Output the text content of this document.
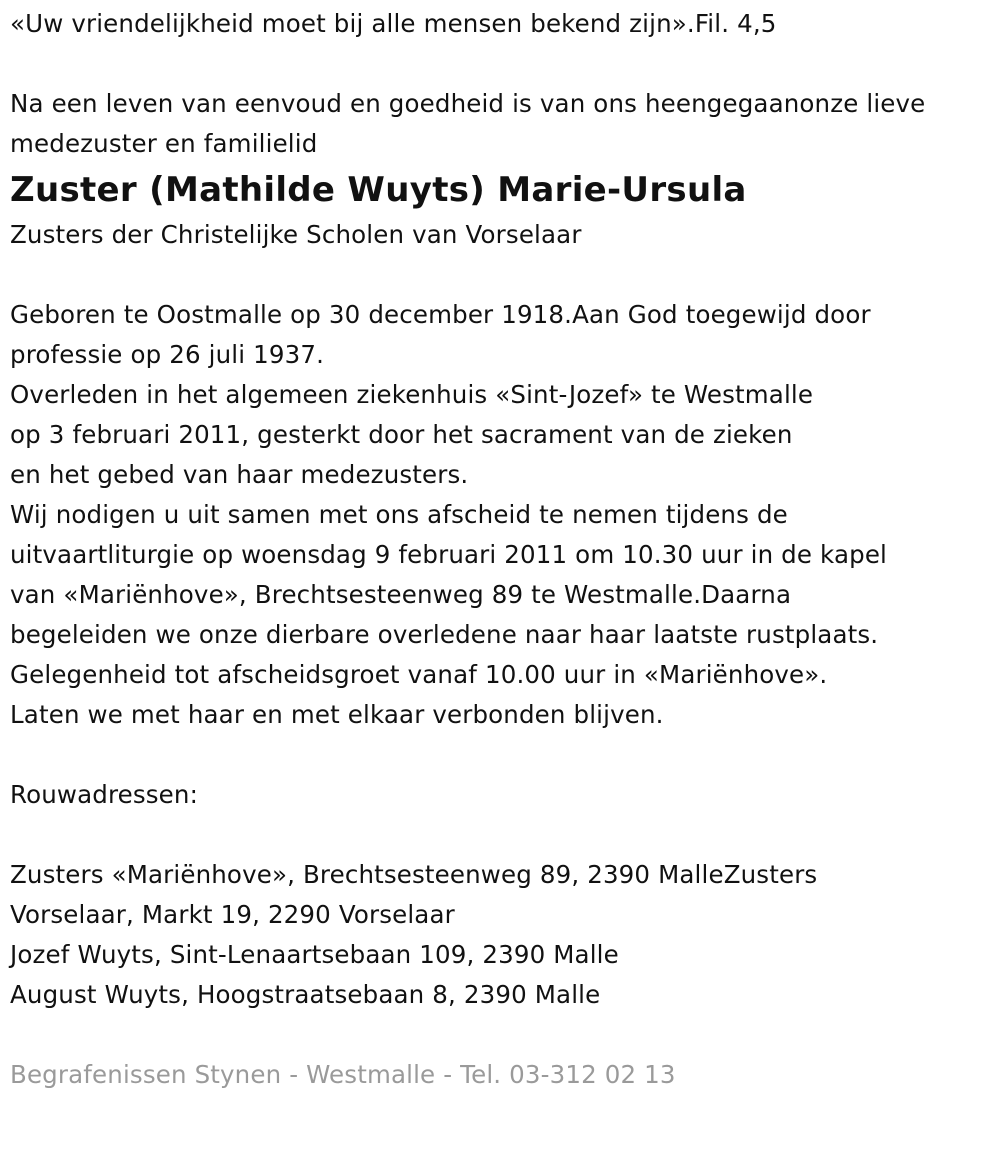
«Uw vriendelijkheid moet bij alle mensen bekend zijn».Fil. 4,5
Na een leven van eenvoud en goedheid is van ons heengegaanonze lieve
medezuster en familielid
Zuster (Mathilde Wuyts) Marie-Ursula
Zusters der Christelijke Scholen van Vorselaar
Geboren te Oostmalle op 30 december 1918.Aan God toegewijd door
professie op 26 juli 1937.
Overleden in het algemeen ziekenhuis «Sint-Jozef» te Westmalle
op 3 februari 2011, gesterkt door het sacrament van de zieken
en het gebed van haar medezusters.
Wij nodigen u uit samen met ons afscheid te nemen tijdens de
uitvaartliturgie op woensdag 9 februari 2011 om 10.30 uur in de kapel
van «Mariënhove», Brechtsesteenweg 89 te Westmalle.Daarna
begeleiden we onze dierbare overledene naar haar laatste rustplaats.
Gelegenheid tot afscheidsgroet vanaf 10.00 uur in «Mariënhove».
Laten we met haar en met elkaar verbonden blijven.
Rouwadressen:
Zusters «Mariënhove», Brechtsesteenweg 89, 2390 MalleZusters
Vorselaar, Markt 19, 2290 Vorselaar
Jozef Wuyts, Sint-Lenaartsebaan 109, 2390 Malle
August Wuyts, Hoogstraatsebaan 8, 2390 Malle
Begrafenissen Stynen - Westmalle - Tel. 03-312 02 13
